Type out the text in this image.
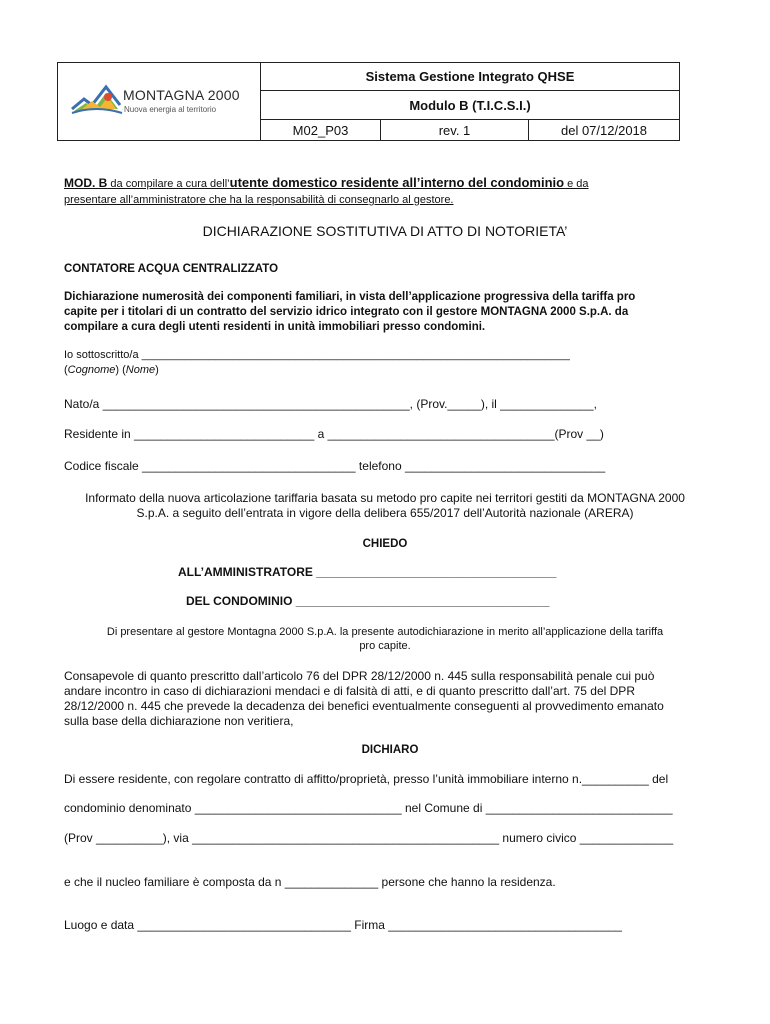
MONTAGNA 2000
Nuova energia al territorio
Sistema Gestione Integrato QHSE
Modulo B (T.I.C.S.I.)
M02_P03	rev. 1	del 07/12/2018
MOD. B da compilare a cura dell’utente domestico residente all’interno del condominio e da
presentare all’amministratore che ha la responsabilità di consegnarlo al gestore.
DICHIARAZIONE SOSTITUTIVA DI ATTO DI NOTORIETA’
CONTATORE ACQUA CENTRALIZZATO
Dichiarazione numerosità dei componenti familiari, in vista dell’applicazione progressiva della tariffa pro
capite per i titolari di un contratto del servizio idrico integrato con il gestore MONTAGNA 2000 S.p.A. da
compilare a cura degli utenti residenti in unità immobiliari presso condomini.
Io sottoscritto/a ______________________________________________________________________
(Cognome) (Nome)
Nato/a ______________________________________________, (Prov._____), il ______________,
Residente in ___________________________ a __________________________________(Prov __)
Codice fiscale ________________________________ telefono ______________________________
Informato della nuova articolazione tariffaria basata su metodo pro capite nei territori gestiti da MONTAGNA 2000
S.p.A. a seguito dell’entrata in vigore della delibera 655/2017 dell’Autorità nazionale (ARERA)
CHIEDO
ALL’AMMINISTRATORE ____________________________________
DEL CONDOMINIO ______________________________________
Di presentare al gestore Montagna 2000 S.p.A. la presente autodichiarazione in merito all’applicazione della tariffa
pro capite.
Consapevole di quanto prescritto dall’articolo 76 del DPR 28/12/2000 n. 445 sulla responsabilità penale cui può
andare incontro in caso di dichiarazioni mendaci e di falsità di atti, e di quanto prescritto dall’art. 75 del DPR
28/12/2000 n. 445 che prevede la decadenza dei benefici eventualmente conseguenti al provvedimento emanato
sulla base della dichiarazione non veritiera,
DICHIARO
Di essere residente, con regolare contratto di affitto/proprietà, presso l’unità immobiliare interno n.__________ del
condominio denominato _______________________________ nel Comune di ____________________________
(Prov __________), via ______________________________________________ numero civico ______________
e che il nucleo familiare è composta da n ______________ persone che hanno la residenza.
Luogo e data ________________________________ Firma ___________________________________
